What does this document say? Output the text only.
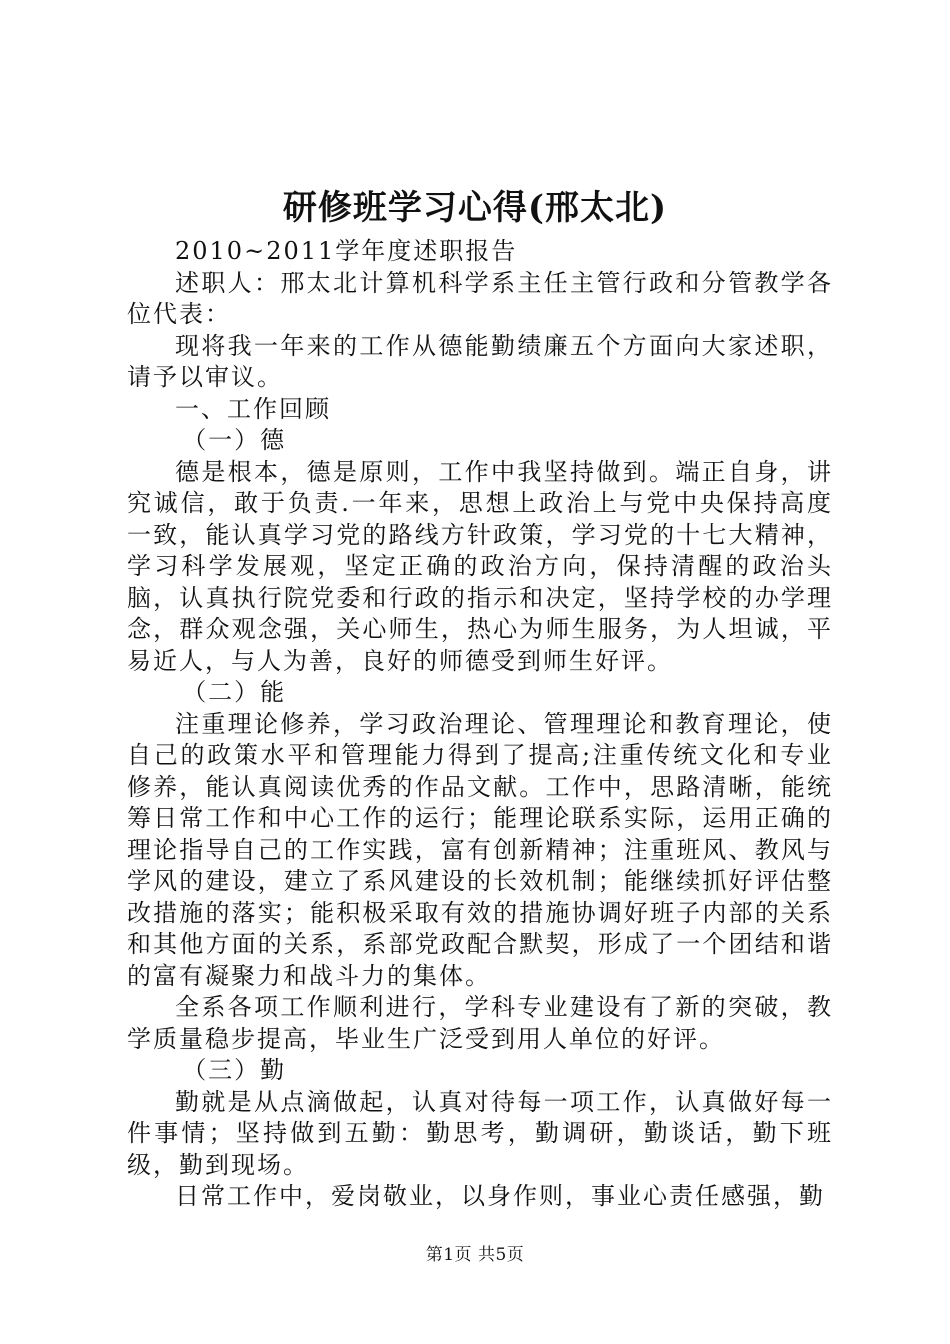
研修班学习心得(邢太北)

2010~2011学年度述职报告

述职人：邢太北计算机科学系主任主管行政和分管教学各位代表：

现将我一年来的工作从德能勤绩廉五个方面向大家述职，请予以审议。

一、工作回顾

（一）德

德是根本，德是原则，工作中我坚持做到。端正自身，讲究诚信，敢于负责.一年来，思想上政治上与党中央保持高度一致，能认真学习党的路线方针政策，学习党的十七大精神，学习科学发展观，坚定正确的政治方向，保持清醒的政治头脑，认真执行院党委和行政的指示和决定，坚持学校的办学理念，群众观念强，关心师生，热心为师生服务，为人坦诚，平易近人，与人为善，良好的师德受到师生好评。

（二）能

注重理论修养，学习政治理论、管理理论和教育理论，使自己的政策水平和管理能力得到了提高;注重传统文化和专业修养，能认真阅读优秀的作品文献。工作中，思路清晰，能统筹日常工作和中心工作的运行；能理论联系实际，运用正确的理论指导自己的工作实践，富有创新精神；注重班风、教风与学风的建设，建立了系风建设的长效机制；能继续抓好评估整改措施的落实；能积极采取有效的措施协调好班子内部的关系和其他方面的关系，系部党政配合默契，形成了一个团结和谐的富有凝聚力和战斗力的集体。

全系各项工作顺利进行，学科专业建设有了新的突破，教学质量稳步提高，毕业生广泛受到用人单位的好评。

（三）勤

勤就是从点滴做起，认真对待每一项工作，认真做好每一件事情；坚持做到五勤：勤思考，勤调研，勤谈话，勤下班级，勤到现场。

日常工作中，爱岗敬业，以身作则，事业心责任感强，勤

第1页 共5页
